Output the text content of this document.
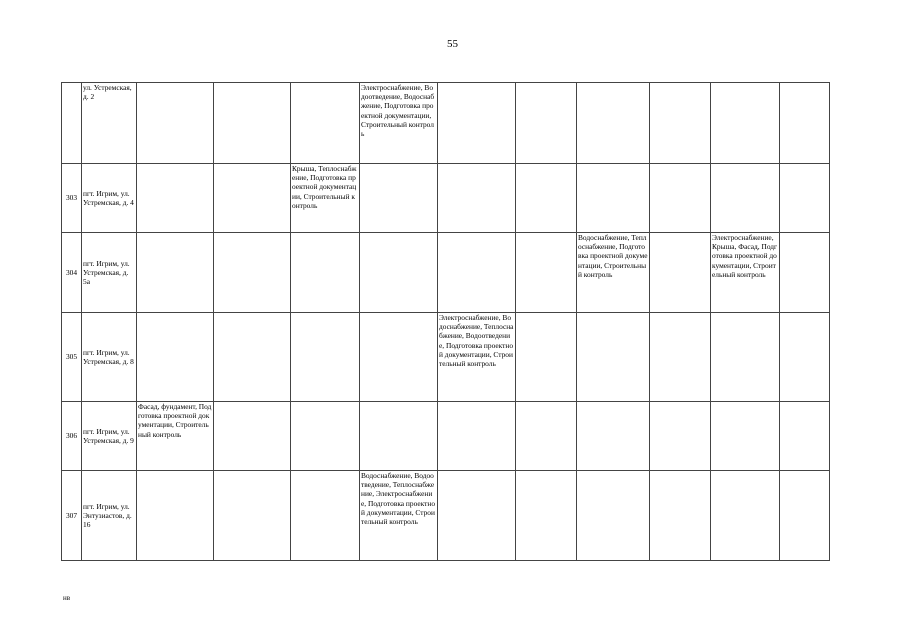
55
	ул. Устремская, д. 2				Электроснабжение, Водоотведение, Водоснабжение, Подготовка проектной документации, Строительный контроль						

303	пгт. Игрим, ул. Устремская, д. 4			Крыша, Теплоснабжение, Подготовка проектной документации, Строительный контроль							

304	пгт. Игрим, ул. Устремская, д. 5а							Водоснабжение, Теплоснабжение, Подготовка проектной документации, Строительный контроль		Электроснабжение, Крыша, Фасад, Подготовка проектной документации, Строительный контроль	

305	пгт. Игрим, ул. Устремская, д. 8					Электроснабжение, Водоснабжение, Теплоснабжение, Водоотведение, Подготовка проектной документации, Строительный контроль					

306	пгт. Игрим, ул. Устремская, д. 9	Фасад, фундамент, Подготовка проектной документации, Строительный контроль									

307	пгт. Игрим, ул. Энтузиастов, д. 16				Водоснабжение, Водоотведение, Теплоснабжение, Электроснабжение, Подготовка проектной документации, Строительный контроль						

нв
